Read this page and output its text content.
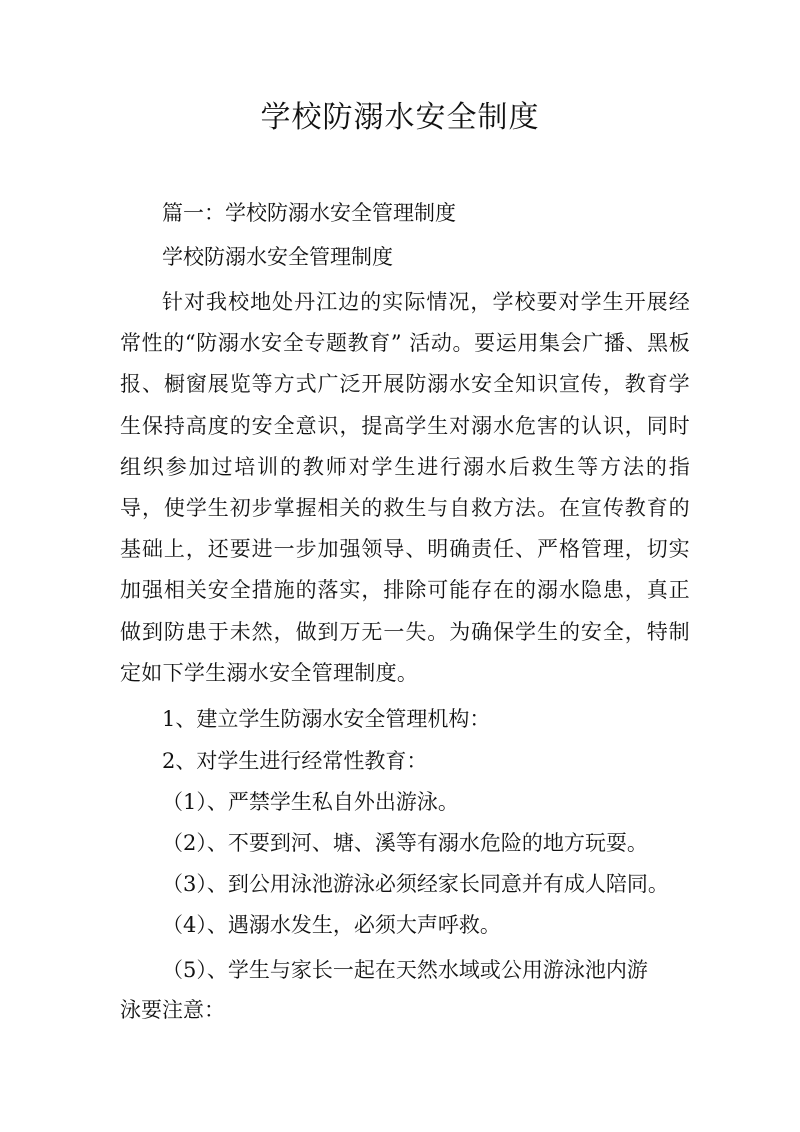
学校防溺水安全制度

篇一：学校防溺水安全管理制度

学校防溺水安全管理制度

针对我校地处丹江边的实际情况，学校要对学生开展经常性的“防溺水安全专题教育” 活动。要运用集会广播、黑板报、橱窗展览等方式广泛开展防溺水安全知识宣传，教育学生保持高度的安全意识，提高学生对溺水危害的认识，同时组织参加过培训的教师对学生进行溺水后救生等方法的指导，使学生初步掌握相关的救生与自救方法。在宣传教育的基础上，还要进一步加强领导、明确责任、严格管理，切实加强相关安全措施的落实，排除可能存在的溺水隐患，真正做到防患于未然，做到万无一失。为确保学生的安全，特制定如下学生溺水安全管理制度。

1、建立学生防溺水安全管理机构：

2、对学生进行经常性教育：

（1）、严禁学生私自外出游泳。

（2）、不要到河、塘、溪等有溺水危险的地方玩耍。

（3）、到公用泳池游泳必须经家长同意并有成人陪同。

（4）、遇溺水发生，必须大声呼救。

（5）、学生与家长一起在天然水域或公用游泳池内游

泳要注意：
